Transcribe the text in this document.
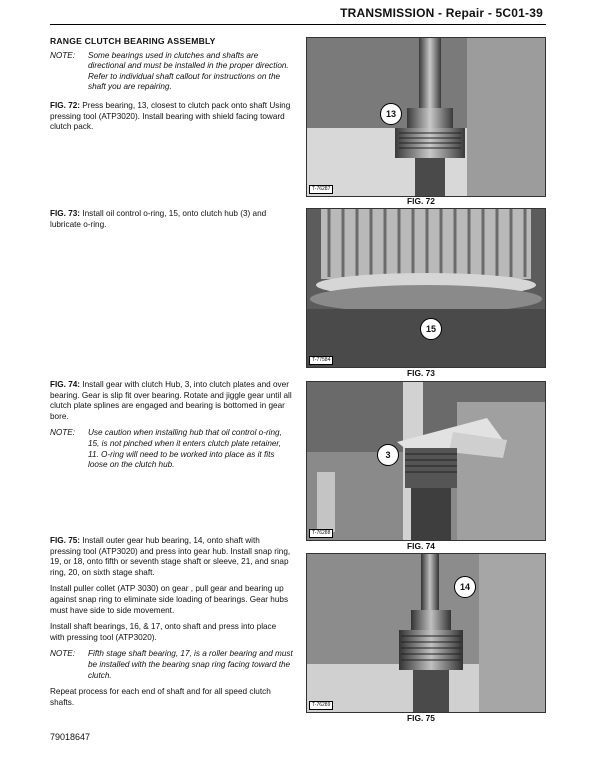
TRANSMISSION - Repair - 5C01-39
RANGE CLUTCH BEARING ASSEMBLY
NOTE:	Some bearings used in clutches and shafts are directional and must be installed in the proper direction. Refer to individual shaft callout for instructions on the shaft you are repairing.

FIG. 72: Press bearing, 13, closest to clutch pack onto shaft Using pressing tool (ATP3020). Install bearing with shield facing toward clutch pack.

FIG. 73: Install oil control o-ring, 15, onto clutch hub (3) and lubricate o-ring.

FIG. 74: Install gear with clutch Hub, 3, into clutch plates and over bearing. Gear is slip fit over bearing. Rotate and jiggle gear until all clutch plate splines are engaged and bearing is bottomed in gear bore.

NOTE:	Use caution when installing hub that oil control o-ring, 15, is not pinched when it enters clutch plate retainer, 11. O-ring will need to be worked into place as it fits loose on the clutch hub.

FIG. 75: Install outer gear hub bearing, 14, onto shaft with pressing tool (ATP3020) and press into gear hub. Install snap ring, 19, or 18, onto fifth or seventh stage shaft or sleeve, 21, and snap ring, 20, on sixth stage shaft.

Install puller collet (ATP 3030) on gear , pull gear and bearing up against snap ring to eliminate side loading of bearings. Gear hubs must have side to side movement.

Install shaft bearings, 16, & 17, onto shaft and press into place with pressing tool (ATP3020).

NOTE:	Fifth stage shaft bearing, 17, is a roller bearing and must be installed with the bearing snap ring facing toward the clutch.

Repeat process for each end of shaft and for all speed clutch shafts.

T-76287
13
FIG. 72
T-77584
15
FIG. 73
T-76288
3
FIG. 74
T-76289
14
FIG. 75
79018647
